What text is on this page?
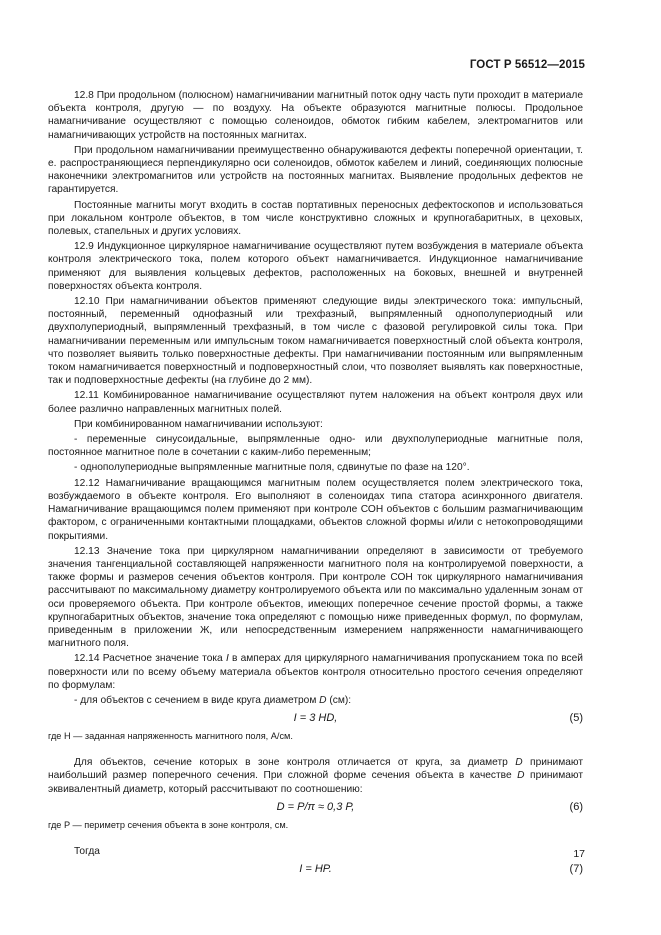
ГОСТ Р 56512—2015

12.8 При продольном (полюсном) намагничивании магнитный поток одну часть пути проходит в материале объекта контроля, другую — по воздуху. На объекте образуются магнитные полюсы. Продольное намагничивание осуществляют с помощью соленоидов, обмоток гибким кабелем, электромагнитов или намагничивающих устройств на постоянных магнитах.

При продольном намагничивании преимущественно обнаруживаются дефекты поперечной ориентации, т. е. распространяющиеся перпендикулярно оси соленоидов, обмоток кабелем и линий, соединяющих полюсные наконечники электромагнитов или устройств на постоянных магнитах. Выявление продольных дефектов не гарантируется.

Постоянные магниты могут входить в состав портативных переносных дефектоскопов и использоваться при локальном контроле объектов, в том числе конструктивно сложных и крупногабаритных, в цеховых, полевых, стапельных и других условиях.

12.9 Индукционное циркулярное намагничивание осуществляют путем возбуждения в материале объекта контроля электрического тока, полем которого объект намагничивается. Индукционное намагничивание применяют для выявления кольцевых дефектов, расположенных на боковых, внешней и внутренней поверхностях объекта контроля.

12.10 При намагничивании объектов применяют следующие виды электрического тока: импульсный, постоянный, переменный однофазный или трехфазный, выпрямленный однополупериодный или двухполупериодный, выпрямленный трехфазный, в том числе с фазовой регулировкой силы тока. При намагничивании переменным или импульсным током намагничивается поверхностный слой объекта контроля, что позволяет выявить только поверхностные дефекты. При намагничивании постоянным или выпрямленным током намагничивается поверхностный и подповерхностный слои, что позволяет выявлять как поверхностные, так и подповерхностные дефекты (на глубине до 2 мм).

12.11 Комбинированное намагничивание осуществляют путем наложения на объект контроля двух или более различно направленных магнитных полей.

При комбинированном намагничивании используют:

- переменные синусоидальные, выпрямленные одно- или двухполупериодные магнитные поля, постоянное магнитное поле в сочетании с каким-либо переменным;

- однополупериодные выпрямленные магнитные поля, сдвинутые по фазе на 120°.

12.12 Намагничивание вращающимся магнитным полем осуществляется полем электрического тока, возбуждаемого в объекте контроля. Его выполняют в соленоидах типа статора асинхронного двигателя. Намагничивание вращающимся полем применяют при контроле СОН объектов с большим размагничивающим фактором, с ограниченными контактными площадками, объектов сложной формы и/или с нетокопроводящими покрытиями.

12.13 Значение тока при циркулярном намагничивании определяют в зависимости от требуемого значения тангенциальной составляющей напряженности магнитного поля на контролируемой поверхности, а также формы и размеров сечения объектов контроля. При контроле СОН ток циркулярного намагничивания рассчитывают по максимальному диаметру контролируемого объекта или по максимально удаленным зонам от оси проверяемого объекта. При контроле объектов, имеющих поперечное сечение простой формы, а также крупногабаритных объектов, значение тока определяют с помощью ниже приведенных формул, по формулам, приведенным в приложении Ж, или непосредственным измерением напряженности намагничивающего магнитного поля.

12.14 Расчетное значение тока I в амперах для циркулярного намагничивания пропусканием тока по всей поверхности или по всему объему материала объектов контроля относительно простого сечения определяют по формулам:

- для объектов с сечением в виде круга диаметром D (см):

I = 3 HD,	(5)
где H — заданная напряженность магнитного поля, А/см.

Для объектов, сечение которых в зоне контроля отличается от круга, за диаметр D принимают наибольший размер поперечного сечения. При сложной форме сечения объекта в качестве D принимают эквивалентный диаметр, который рассчитывают по соотношению:

D = P/π ≈ 0,3 P,	(6)
где P — периметр сечения объекта в зоне контроля, см.

Тогда

I = HP.	(7)
17
